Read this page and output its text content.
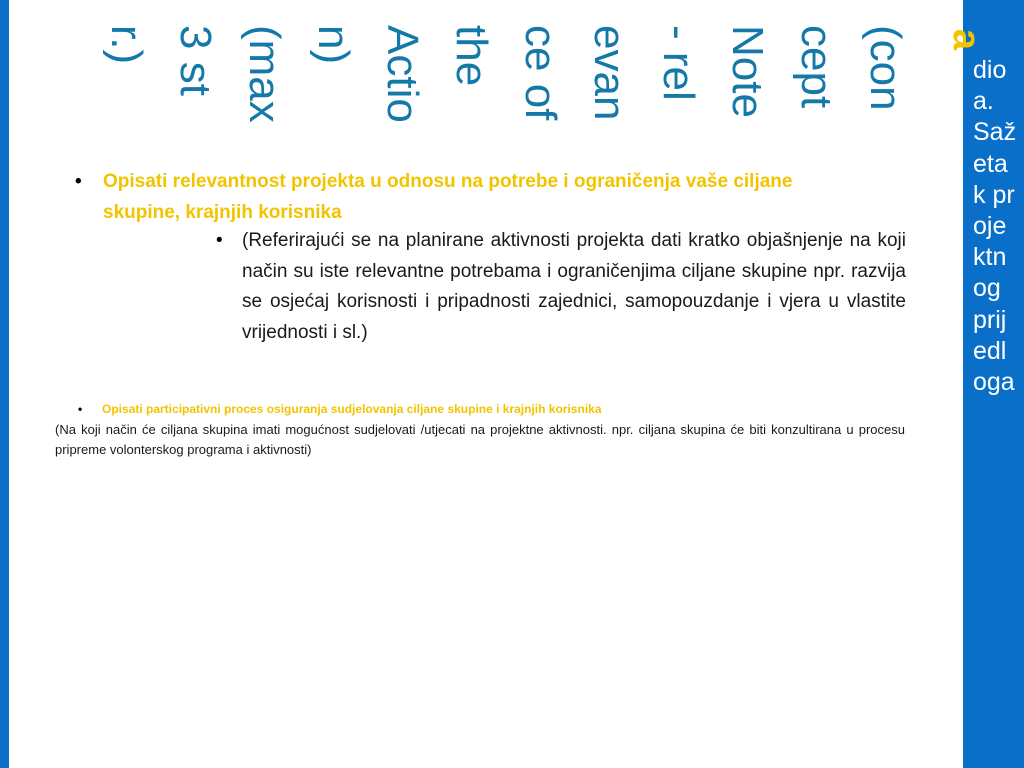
dio a. Sažetak projektnog prijedloga
a
(concept Note - relevance of the Action) (max 3 str.)
•	Opisati relevantnost projekta u odnosu na potrebe i ograničenja vaše ciljane skupine, krajnjih korisnika
•	(Referirajući se na planirane aktivnosti projekta dati kratko objašnjenje na koji način su iste relevantne potrebama i ograničenjima ciljane skupine npr. razvija se osjećaj korisnosti i pripadnosti zajednici, samopouzdanje i vjera u vlastite vrijednosti i sl.)
•	Opisati participativni proces osiguranja sudjelovanja ciljane skupine i krajnjih korisnika
(Na koji način će ciljana skupina imati mogućnost sudjelovati /utjecati na projektne aktivnosti. npr. ciljana skupina će biti konzultirana u procesu pripreme volonterskog programa i aktivnosti)
